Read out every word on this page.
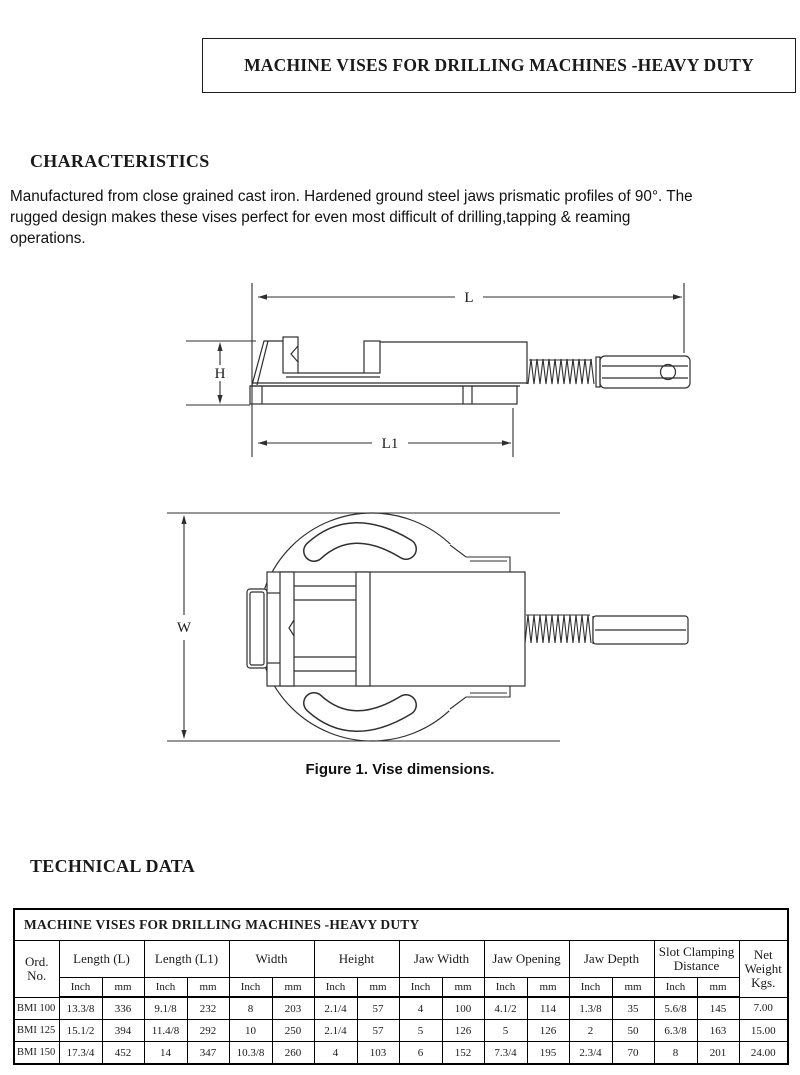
MACHINE VISES FOR DRILLING MACHINES -HEAVY DUTY
CHARACTERISTICS

Manufactured from close grained cast iron. Hardened ground steel jaws prismatic profiles of 90°. The
rugged design makes these vises perfect for even most difficult of drilling,tapping & reaming
operations.

L
H
L1
W
Figure 1. Vise dimensions.
TECHNICAL DATA
MACHINE VISES FOR DRILLING MACHINES -HEAVY DUTY																	

Ord.
No.	Length (L)		Length (L1)		Width		Height		Jaw Width		Jaw Opening		Jaw Depth		Slot Clamping Distance		Net
Weight
Kgs.

	Inch	mm	Inch	mm	Inch	mm	Inch	mm	Inch	mm	Inch	mm	Inch	mm	Inch	mm	
BMI 100	13.3/8	336	9.1/8	232	8	203	2.1/4	57	4	100	4.1/2	114	1.3/8	35	5.6/8	145	7.00
BMI 125	15.1/2	394	11.4/8	292	10	250	2.1/4	57	5	126	5	126	2	50	6.3/8	163	15.00
BMI 150	17.3/4	452	14	347	10.3/8	260	4	103	6	152	7.3/4	195	2.3/4	70	8	201	24.00
